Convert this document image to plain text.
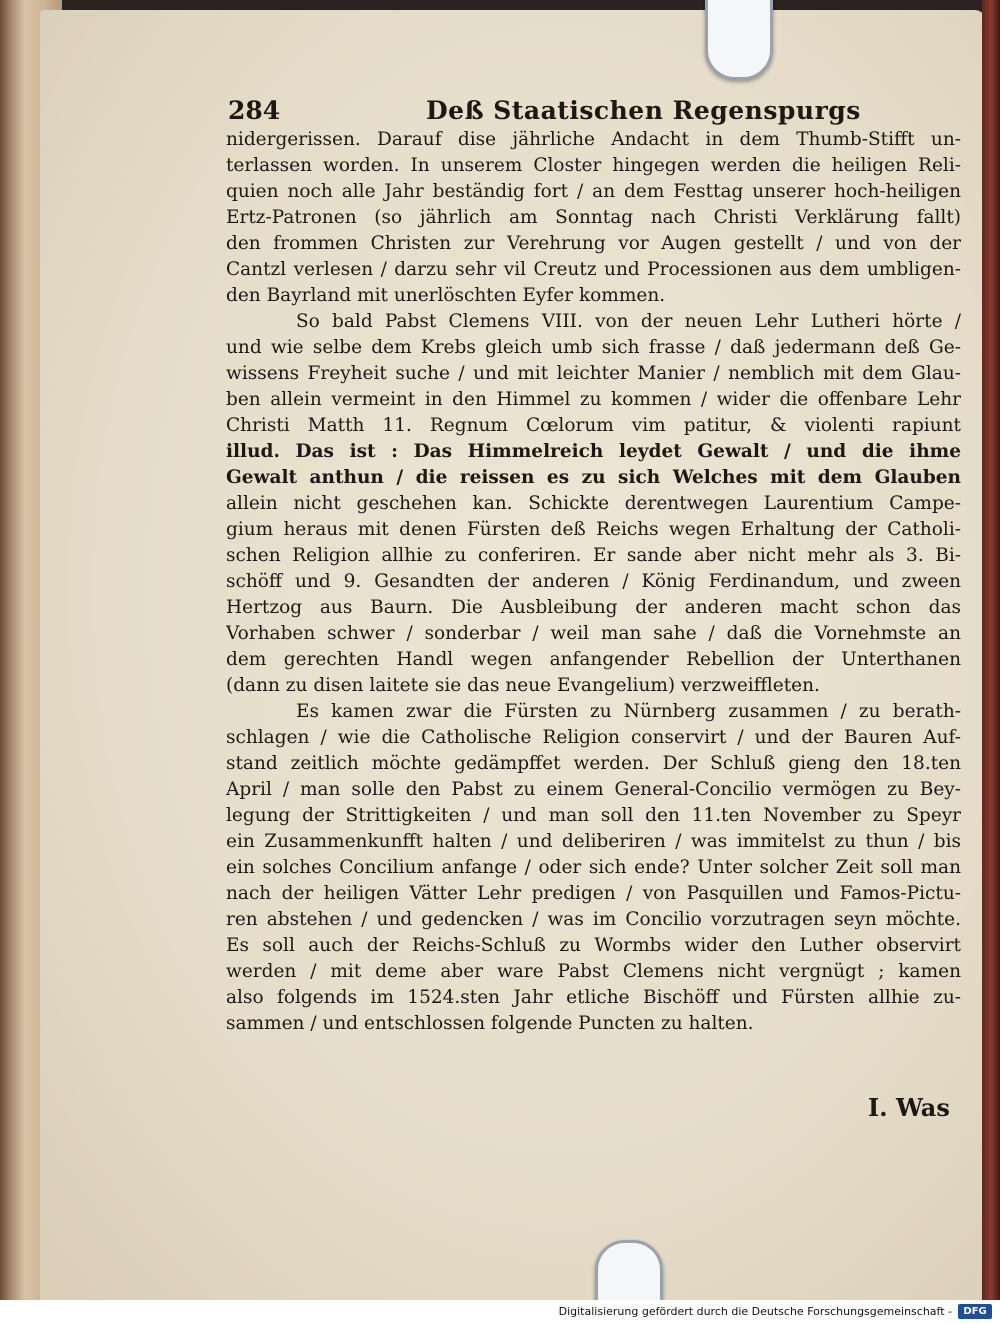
284	Deß Staatischen Regenspurgs
nidergerissen. Darauf dise jährliche Andacht in dem Thumb-Stifft un-
terlassen worden. In unserem Closter hingegen werden die heiligen Reli-
quien noch alle Jahr beständig fort / an dem Festtag unserer hoch-heiligen
Ertz-Patronen (so jährlich am Sonntag nach Christi Verklärung fallt)
den frommen Christen zur Verehrung vor Augen gestellt / und von der
Cantzl verlesen / darzu sehr vil Creutz und Processionen aus dem umbligen-
den Bayrland mit unerlöschten Eyfer kommen.
So bald Pabst Clemens VIII. von der neuen Lehr Lutheri hörte /
und wie selbe dem Krebs gleich umb sich frasse / daß jedermann deß Ge-
wissens Freyheit suche / und mit leichter Manier / nemblich mit dem Glau-
ben allein vermeint in den Himmel zu kommen / wider die offenbare Lehr
Christi Matth 11. Regnum Cœlorum vim patitur, & violenti rapiunt
illud. Das ist : Das Himmelreich leydet Gewalt / und die ihme
Gewalt anthun / die reissen es zu sich Welches mit dem Glauben
allein nicht geschehen kan. Schickte derentwegen Laurentium Campe-
gium heraus mit denen Fürsten deß Reichs wegen Erhaltung der Catholi-
schen Religion allhie zu conferiren. Er sande aber nicht mehr als 3. Bi-
schöff und 9. Gesandten der anderen / König Ferdinandum, und zween
Hertzog aus Baurn. Die Ausbleibung der anderen macht schon das
Vorhaben schwer / sonderbar / weil man sahe / daß die Vornehmste an
dem gerechten Handl wegen anfangender Rebellion der Unterthanen
(dann zu disen laitete sie das neue Evangelium) verzweiffleten.
Es kamen zwar die Fürsten zu Nürnberg zusammen / zu berath-
schlagen / wie die Catholische Religion conservirt / und der Bauren Auf-
stand zeitlich möchte gedämpffet werden. Der Schluß gieng den 18.ten
April / man solle den Pabst zu einem General-Concilio vermögen zu Bey-
legung der Strittigkeiten / und man soll den 11.ten November zu Speyr
ein Zusammenkunfft halten / und deliberiren / was immitelst zu thun / bis
ein solches Concilium anfange / oder sich ende? Unter solcher Zeit soll man
nach der heiligen Vätter Lehr predigen / von Pasquillen und Famos-Pictu-
ren abstehen / und gedencken / was im Concilio vorzutragen seyn möchte.
Es soll auch der Reichs-Schluß zu Wormbs wider den Luther observirt
werden / mit deme aber ware Pabst Clemens nicht vergnügt ; kamen
also folgends im 1524.sten Jahr etliche Bischöff und Fürsten allhie zu-
sammen / und entschlossen folgende Puncten zu halten.
I. Was
Digitalisierung gefördert durch die Deutsche Forschungsgemeinschaft -	DFG
